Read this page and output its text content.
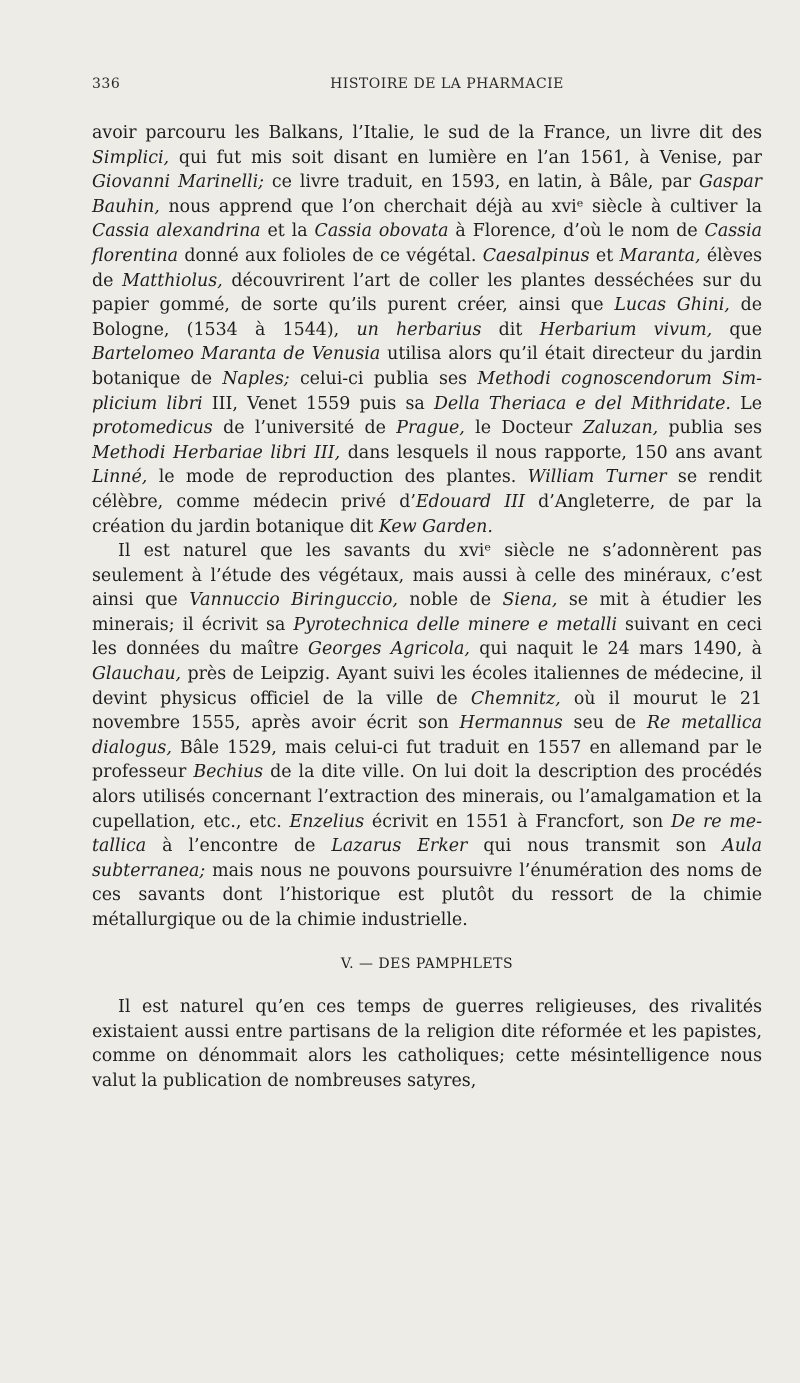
336	HISTOIRE DE LA PHARMACIE

avoir parcouru les Balkans, l’Italie, le sud de la France, un livre dit des Simplici, qui fut mis soit disant en lumière en l’an 1561, à Venise, par Giovanni Marinelli; ce livre traduit, en 1593, en latin, à Bâle, par Gaspar Bauhin, nous apprend que l’on cherchait déjà au xviᵉ siècle à cultiver la Cassia alexandrina et la Cassia obovata à Florence, d’où le nom de Cassia florentina donné aux folioles de ce végétal. Caesalpinus et Maranta, élèves de Matthiolus, découvrirent l’art de coller les plantes desséchées sur du papier gommé, de sorte qu’ils purent créer, ainsi que Lucas Ghini, de Bologne, (1534 à 1544), un herbarius dit Herbarium vivum, que Bartelomeo Maranta de Venusia utilisa alors qu’il était directeur du jardin botanique de Naples; celui-ci publia ses Methodi cognoscendorum Simplicium libri III, Venet 1559 puis sa Della Theriaca e del Mithridate. Le protomedicus de l’université de Prague, le Docteur Zaluzan, publia ses Methodi Herbariae libri III, dans lesquels il nous rapporte, 150 ans avant Linné, le mode de reproduction des plantes. William Turner se rendit célèbre, comme médecin privé d’Edouard III d’Angleterre, de par la création du jardin botanique dit Kew Garden.

Il est naturel que les savants du xviᵉ siècle ne s’adonnèrent pas seulement à l’étude des végétaux, mais aussi à celle des minéraux, c’est ainsi que Vannuccio Biringuccio, noble de Siena, se mit à étudier les minerais; il écrivit sa Pyrotechnica delle minere e metalli suivant en ceci les données du maître Georges Agricola, qui naquit le 24 mars 1490, à Glauchau, près de Leipzig. Ayant suivi les écoles italiennes de médecine, il devint physicus officiel de la ville de Chemnitz, où il mourut le 21 novembre 1555, après avoir écrit son Hermannus seu de Re metallica dialogus, Bâle 1529, mais celui-ci fut traduit en 1557 en allemand par le professeur Bechius de la dite ville. On lui doit la description des procédés alors utilisés concernant l’extraction des minerais, ou l’amalgamation et la cupellation, etc., etc. Enzelius écrivit en 1551 à Francfort, son De re metallica à l’encontre de Lazarus Erker qui nous transmit son Aula subterranea; mais nous ne pouvons poursuivre l’énumération des noms de ces savants dont l’historique est plutôt du ressort de la chimie métallurgique ou de la chimie industrielle.

V. — DES PAMPHLETS

Il est naturel qu’en ces temps de guerres religieuses, des rivalités existaient aussi entre partisans de la religion dite réformée et les papistes, comme on dénommait alors les catholiques; cette mésintelligence nous valut la publication de nombreuses satyres,
